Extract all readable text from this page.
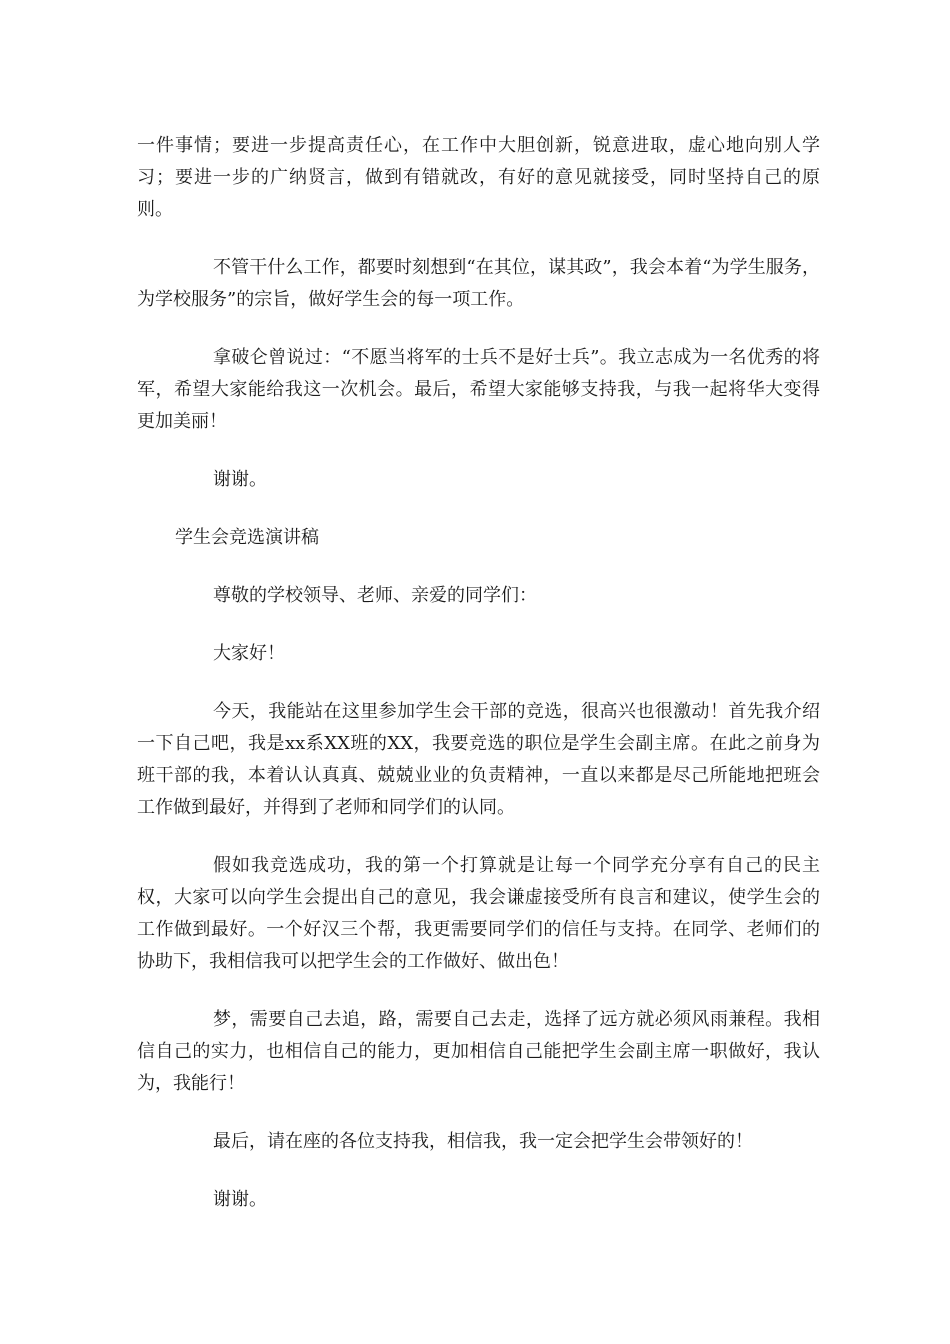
一件事情；要进一步提高责任心，在工作中大胆创新，锐意进取，虚心地向别人学习；要进一步的广纳贤言，做到有错就改，有好的意见就接受，同时坚持自己的原则。

不管干什么工作，都要时刻想到“在其位，谋其政”，我会本着“为学生服务，为学校服务”的宗旨，做好学生会的每一项工作。

拿破仑曾说过：“不愿当将军的士兵不是好士兵”。我立志成为一名优秀的将军，希望大家能给我这一次机会。最后，希望大家能够支持我，与我一起将华大变得更加美丽！

谢谢。

学生会竞选演讲稿

尊敬的学校领导、老师、亲爱的同学们：

大家好！

今天，我能站在这里参加学生会干部的竞选，很高兴也很激动！首先我介绍一下自己吧，我是xx系XX班的XX，我要竞选的职位是学生会副主席。在此之前身为班干部的我，本着认认真真、兢兢业业的负责精神，一直以来都是尽己所能地把班会工作做到最好，并得到了老师和同学们的认同。

假如我竞选成功，我的第一个打算就是让每一个同学充分享有自己的民主权，大家可以向学生会提出自己的意见，我会谦虚接受所有良言和建议，使学生会的工作做到最好。一个好汉三个帮，我更需要同学们的信任与支持。在同学、老师们的协助下，我相信我可以把学生会的工作做好、做出色！

梦，需要自己去追，路，需要自己去走，选择了远方就必须风雨兼程。我相信自己的实力，也相信自己的能力，更加相信自己能把学生会副主席一职做好，我认为，我能行！

最后，请在座的各位支持我，相信我，我一定会把学生会带领好的！

谢谢。
